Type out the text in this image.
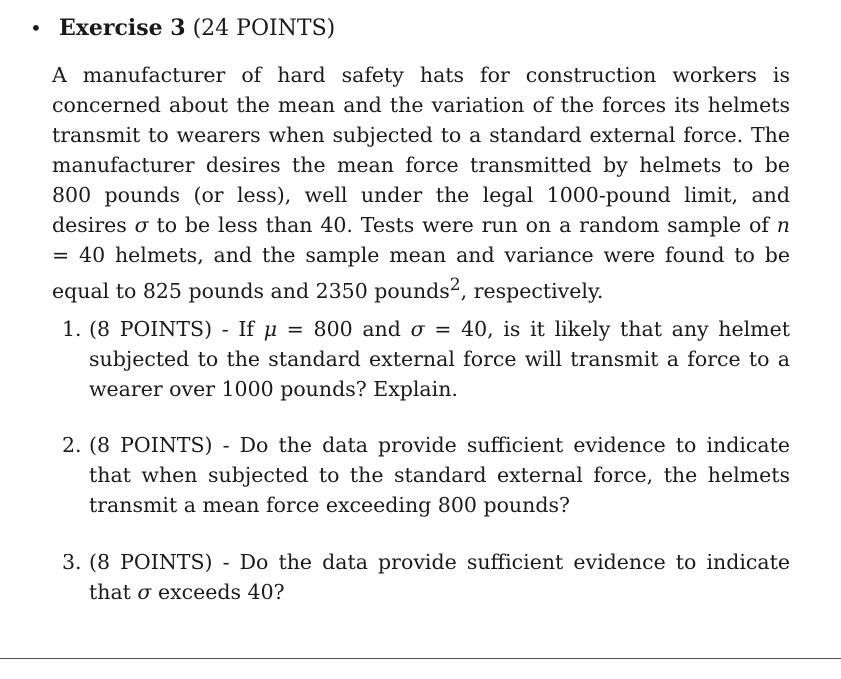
• Exercise 3 (24 POINTS)
A manufacturer of hard safety hats for construction workers is concerned about the mean and the variation of the forces its helmets transmit to wearers when subjected to a standard external force. The manufacturer desires the mean force transmitted by helmets to be 800 pounds (or less), well under the legal 1000-pound limit, and desires σ to be less than 40. Tests were run on a random sample of n = 40 helmets, and the sample mean and variance were found to be equal to 825 pounds and 2350 pounds$^2$, respectively.
1. (8 POINTS) - If μ = 800 and σ = 40, is it likely that any helmet subjected to the standard external force will transmit a force to a wearer over 1000 pounds? Explain.
2. (8 POINTS) - Do the data provide sufficient evidence to indicate that when subjected to the standard external force, the helmets transmit a mean force exceeding 800 pounds?
3. (8 POINTS) - Do the data provide sufficient evidence to indicate that σ exceeds 40?
